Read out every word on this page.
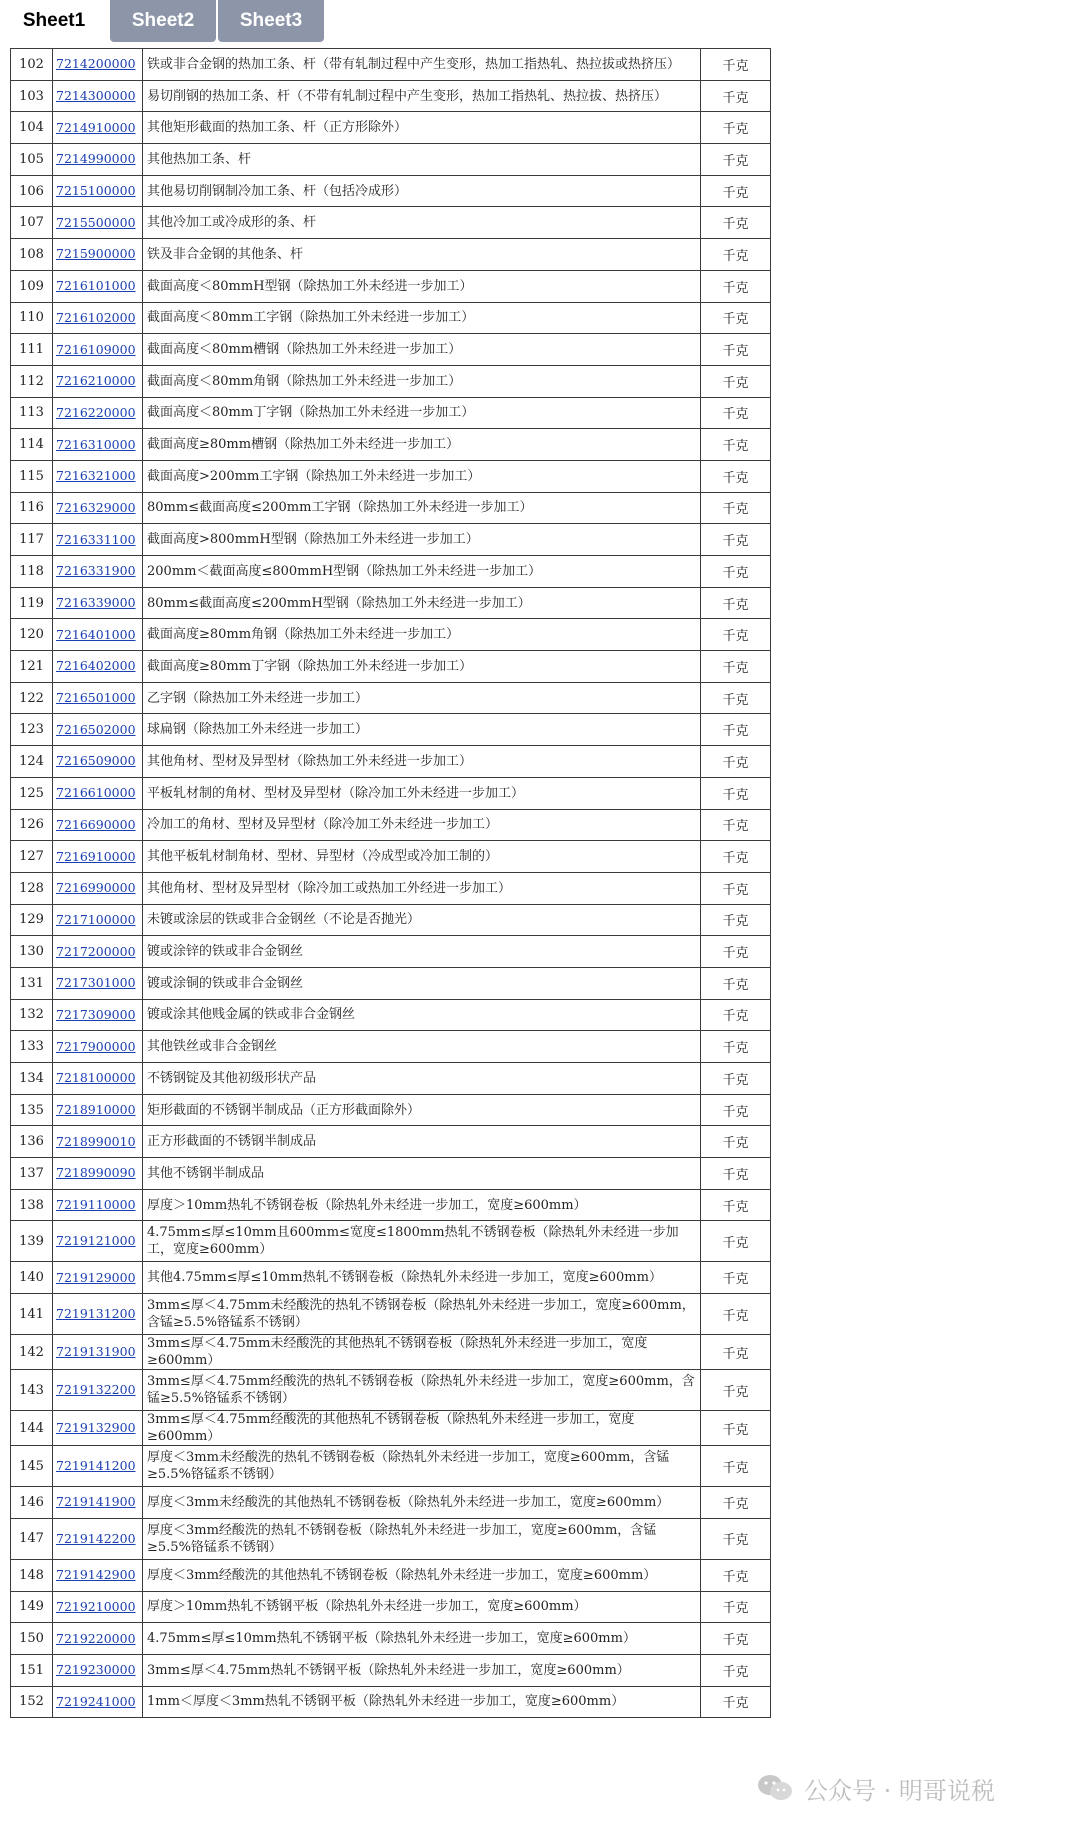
Sheet1	Sheet2	Sheet3
102	7214200000	铁或非合金钢的热加工条、杆（带有轧制过程中产生变形，热加工指热轧、热拉拔或热挤压）	千克
103	7214300000	易切削钢的热加工条、杆（不带有轧制过程中产生变形，热加工指热轧、热拉拔、热挤压）	千克
104	7214910000	其他矩形截面的热加工条、杆（正方形除外）	千克
105	7214990000	其他热加工条、杆	千克
106	7215100000	其他易切削钢制冷加工条、杆（包括冷成形）	千克
107	7215500000	其他冷加工或冷成形的条、杆	千克
108	7215900000	铁及非合金钢的其他条、杆	千克
109	7216101000	截面高度＜80mmH型钢（除热加工外未经进一步加工）	千克
110	7216102000	截面高度＜80mm工字钢（除热加工外未经进一步加工）	千克
111	7216109000	截面高度＜80mm槽钢（除热加工外未经进一步加工）	千克
112	7216210000	截面高度＜80mm角钢（除热加工外未经进一步加工）	千克
113	7216220000	截面高度＜80mm丁字钢（除热加工外未经进一步加工）	千克
114	7216310000	截面高度≥80mm槽钢（除热加工外未经进一步加工）	千克
115	7216321000	截面高度>200mm工字钢（除热加工外未经进一步加工）	千克
116	7216329000	80mm≤截面高度≤200mm工字钢（除热加工外未经进一步加工）	千克
117	7216331100	截面高度>800mmH型钢（除热加工外未经进一步加工）	千克
118	7216331900	200mm＜截面高度≤800mmH型钢（除热加工外未经进一步加工）	千克
119	7216339000	80mm≤截面高度≤200mmH型钢（除热加工外未经进一步加工）	千克
120	7216401000	截面高度≥80mm角钢（除热加工外未经进一步加工）	千克
121	7216402000	截面高度≥80mm丁字钢（除热加工外未经进一步加工）	千克
122	7216501000	乙字钢（除热加工外未经进一步加工）	千克
123	7216502000	球扁钢（除热加工外未经进一步加工）	千克
124	7216509000	其他角材、型材及异型材（除热加工外未经进一步加工）	千克
125	7216610000	平板轧材制的角材、型材及异型材（除冷加工外未经进一步加工）	千克
126	7216690000	冷加工的角材、型材及异型材（除冷加工外未经进一步加工）	千克
127	7216910000	其他平板轧材制角材、型材、异型材（冷成型或冷加工制的）	千克
128	7216990000	其他角材、型材及异型材（除冷加工或热加工外经进一步加工）	千克
129	7217100000	未镀或涂层的铁或非合金钢丝（不论是否抛光）	千克
130	7217200000	镀或涂锌的铁或非合金钢丝	千克
131	7217301000	镀或涂铜的铁或非合金钢丝	千克
132	7217309000	镀或涂其他贱金属的铁或非合金钢丝	千克
133	7217900000	其他铁丝或非合金钢丝	千克
134	7218100000	不锈钢锭及其他初级形状产品	千克
135	7218910000	矩形截面的不锈钢半制成品（正方形截面除外）	千克
136	7218990010	正方形截面的不锈钢半制成品	千克
137	7218990090	其他不锈钢半制成品	千克
138	7219110000	厚度＞10mm热轧不锈钢卷板（除热轧外未经进一步加工，宽度≥600mm）	千克
139	7219121000	4.75mm≤厚≤10mm且600mm≤宽度≤1800mm热轧不锈钢卷板（除热轧外未经进一步加工，宽度≥600mm）	千克
140	7219129000	其他4.75mm≤厚≤10mm热轧不锈钢卷板（除热轧外未经进一步加工，宽度≥600mm）	千克
141	7219131200	3mm≤厚＜4.75mm未经酸洗的热轧不锈钢卷板（除热轧外未经进一步加工，宽度≥600mm，含锰≥5.5%铬锰系不锈钢）	千克
142	7219131900	3mm≤厚＜4.75mm未经酸洗的其他热轧不锈钢卷板（除热轧外未经进一步加工，宽度≥600mm）	千克
143	7219132200	3mm≤厚＜4.75mm经酸洗的热轧不锈钢卷板（除热轧外未经进一步加工，宽度≥600mm，含锰≥5.5%铬锰系不锈钢）	千克
144	7219132900	3mm≤厚＜4.75mm经酸洗的其他热轧不锈钢卷板（除热轧外未经进一步加工，宽度≥600mm）	千克
145	7219141200	厚度＜3mm未经酸洗的热轧不锈钢卷板（除热轧外未经进一步加工，宽度≥600mm，含锰≥5.5%铬锰系不锈钢）	千克
146	7219141900	厚度＜3mm未经酸洗的其他热轧不锈钢卷板（除热轧外未经进一步加工，宽度≥600mm）	千克
147	7219142200	厚度＜3mm经酸洗的热轧不锈钢卷板（除热轧外未经进一步加工，宽度≥600mm，含锰≥5.5%铬锰系不锈钢）	千克
148	7219142900	厚度＜3mm经酸洗的其他热轧不锈钢卷板（除热轧外未经进一步加工，宽度≥600mm）	千克
149	7219210000	厚度＞10mm热轧不锈钢平板（除热轧外未经进一步加工，宽度≥600mm）	千克
150	7219220000	4.75mm≤厚≤10mm热轧不锈钢平板（除热轧外未经进一步加工，宽度≥600mm）	千克
151	7219230000	3mm≤厚＜4.75mm热轧不锈钢平板（除热轧外未经进一步加工，宽度≥600mm）	千克
152	7219241000	1mm＜厚度＜3mm热轧不锈钢平板（除热轧外未经进一步加工，宽度≥600mm）	千克
公众号 · 明哥说税
